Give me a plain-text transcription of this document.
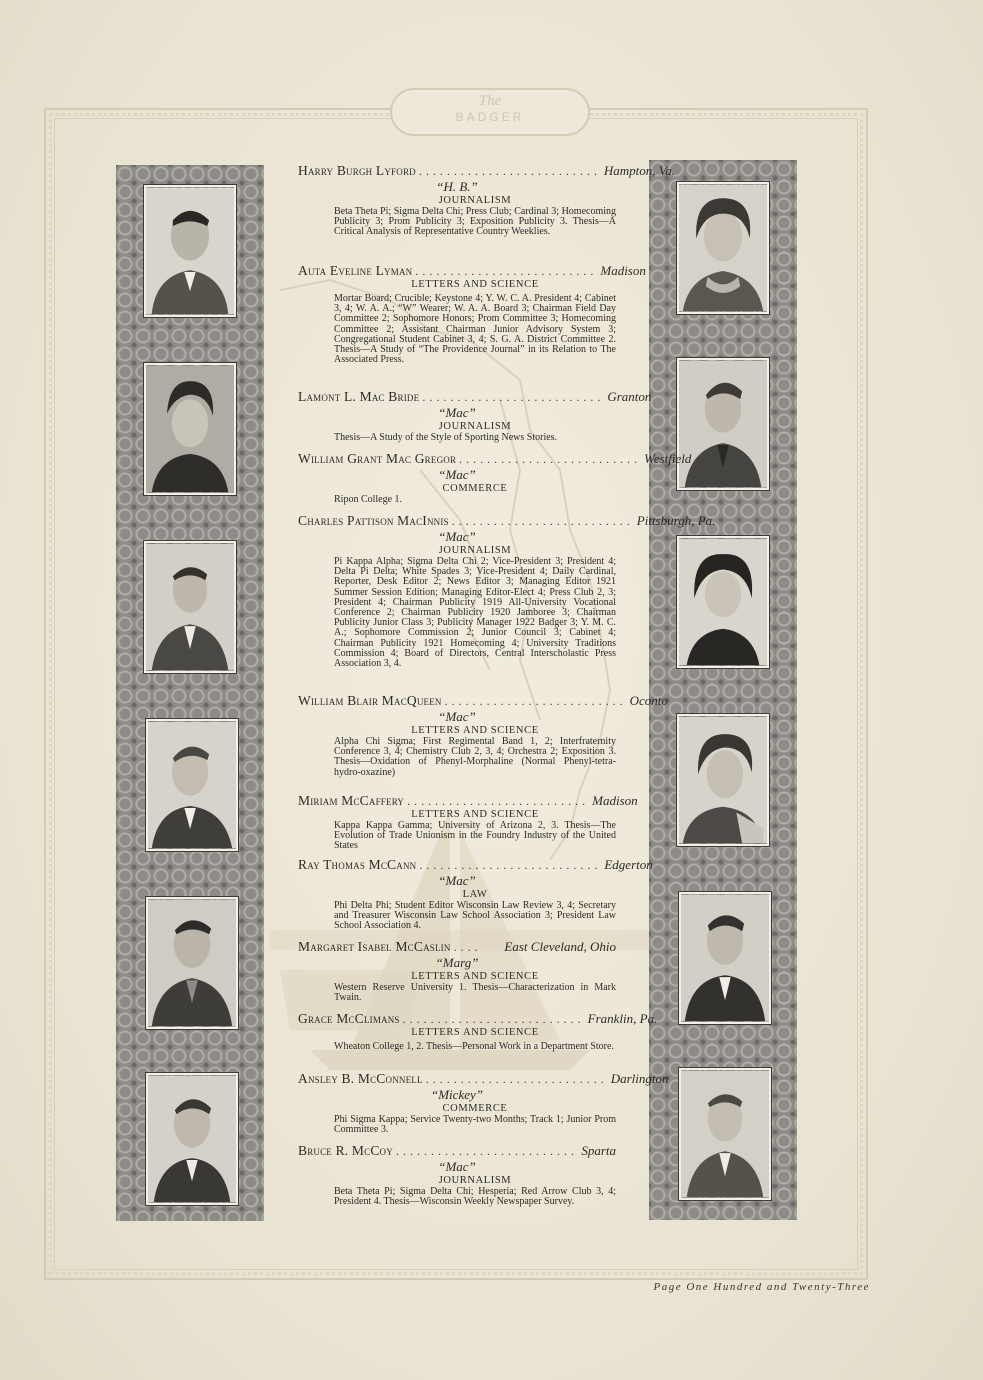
The
BADGER
Harry Burgh Lyford .......................... Hampton, Va.
“H. B.”
JOURNALISM
Beta Theta Pi; Sigma Delta Chi; Press Club; Cardinal 3; Homecoming Publicity 3; Prom Publicity 3; Exposition Publicity 3. Thesis—A Critical Analysis of Representative Country Weeklies.
Auta Eveline Lyman .......................... Madison
LETTERS AND SCIENCE
Mortar Board; Crucible; Keystone 4; Y. W. C. A. President 4; Cabinet 3, 4; W. A. A.; “W” Wearer; W. A. A. Board 3; Chairman Field Day Committee 2; Sophomore Honors; Prom Committee 3; Homecoming Committee 2; Assistant Chairman Junior Advisory System 3; Congregational Student Cabinet 3, 4; S. G. A. District Committee 2. Thesis—A Study of “The Providence Journal” in its Relation to The Associated Press.
Lamont L. Mac Bride .......................... Granton
“Mac”
JOURNALISM
Thesis—A Study of the Style of Sporting News Stories.
William Grant Mac Gregor .......................... Westfield
“Mac”
COMMERCE
Ripon College 1.
Charles Pattison MacInnis .......................... Pittsburgh, Pa.
“Mac”
JOURNALISM
Pi Kappa Alpha; Sigma Delta Chi 2; Vice-President 3; President 4; Delta Pi Delta; White Spades 3; Vice-President 4; Daily Cardinal, Reporter, Desk Editor 2; News Editor 3; Managing Editor 1921 Summer Session Edition; Managing Editor-Elect 4; Press Club 2, 3; President 4; Chairman Publicity 1919 All-University Vocational Conference 2; Chairman Publicity 1920 Jamboree 3; Chairman Publicity Junior Class 3; Publicity Manager 1922 Badger 3; Y. M. C. A.; Sophomore Commission 2; Junior Council 3; Cabinet 4; Chairman Publicity 1921 Homecoming 4; University Traditions Commission 4; Board of Directors, Central Interscholastic Press Association 3, 4.
William Blair MacQueen .......................... Oconto
“Mac”
LETTERS AND SCIENCE
Alpha Chi Sigma; First Regimental Band 1, 2; Interfraternity Conference 3, 4; Chemistry Club 2, 3, 4; Orchestra 2; Exposition 3. Thesis—Oxidation of Phenyl-Morphaline (Normal Phenyl-tetra-hydro-oxazine)
Miriam McCaffery .......................... Madison
LETTERS AND SCIENCE
Kappa Kappa Gamma; University of Arizona 2, 3. Thesis—The Evolution of Trade Unionism in the Foundry Industry of the United States
Ray Thomas McCann .......................... Edgerton
“Mac”
LAW
Phi Delta Phi; Student Editor Wisconsin Law Review 3, 4; Secretary and Treasurer Wisconsin Law School Association 3; President Law School Association 4.
Margaret Isabel McCaslin ....	East Cleveland, Ohio
“Marg”
LETTERS AND SCIENCE
Western Reserve University 1. Thesis—Characterization in Mark Twain.
Grace McClimans .......................... Franklin, Pa.
LETTERS AND SCIENCE
Wheaton College 1, 2. Thesis—Personal Work in a Department Store.
Ansley B. McConnell .......................... Darlington
“Mickey”
COMMERCE
Phi Sigma Kappa; Service Twenty-two Months; Track 1; Junior Prom Committee 3.
Bruce R. McCoy .......................... Sparta
“Mac”
JOURNALISM
Beta Theta Pi; Sigma Delta Chi; Hesperia; Red Arrow Club 3, 4; President 4. Thesis—Wisconsin Weekly Newspaper Survey.
Page One Hundred and Twenty-Three
